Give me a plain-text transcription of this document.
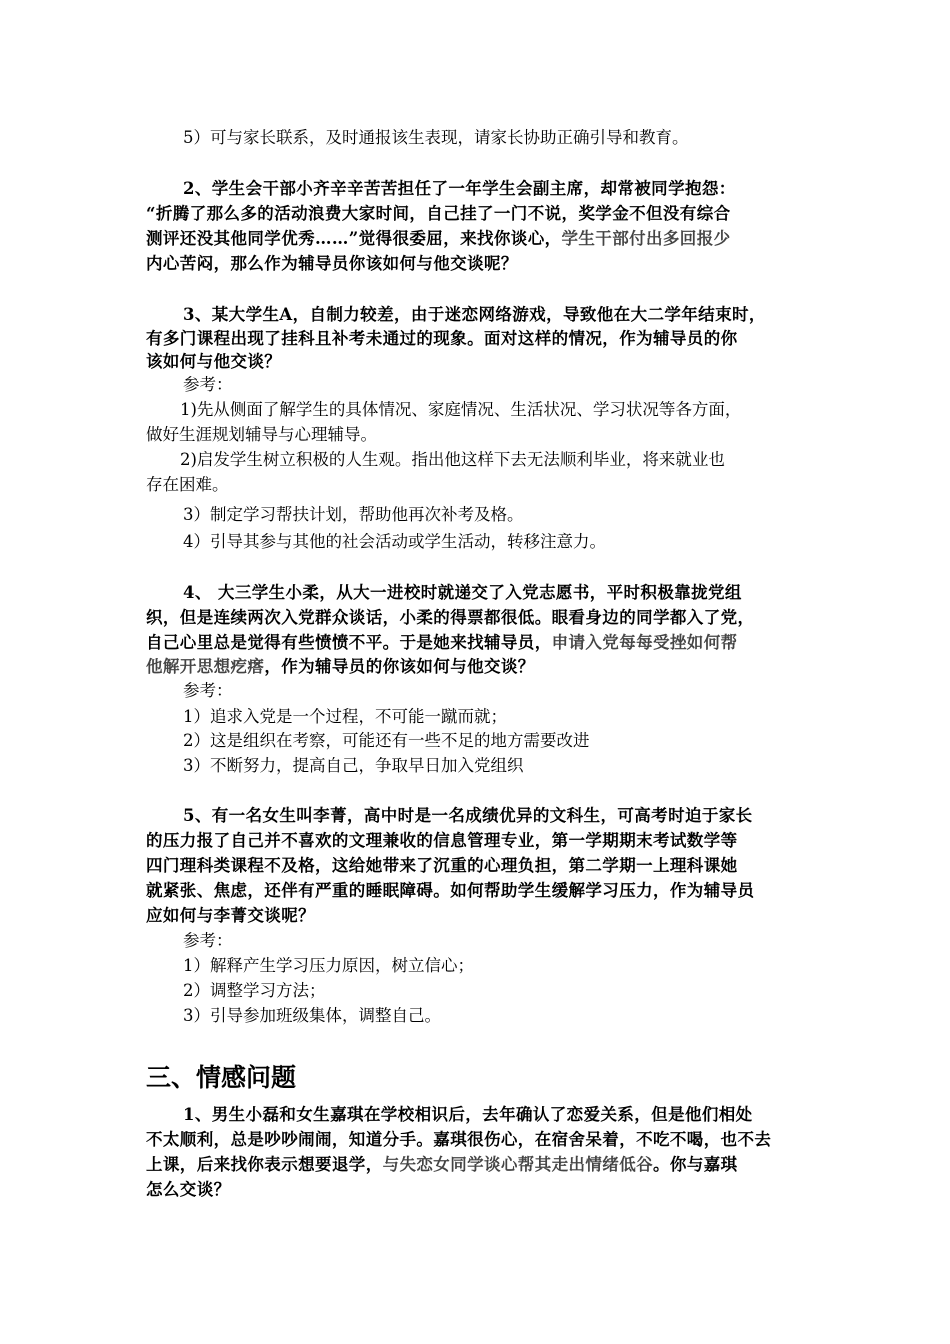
5）可与家长联系，及时通报该生表现，请家长协助正确引导和教育。
2、学生会干部小齐辛辛苦苦担任了一年学生会副主席，却常被同学抱怨：
“折腾了那么多的活动浪费大家时间，自己挂了一门不说，奖学金不但没有综合
测评还没其他同学优秀……”觉得很委屈，来找你谈心，学生干部付出多回报少
内心苦闷，那么作为辅导员你该如何与他交谈呢？
3、某大学生A，自制力较差，由于迷恋网络游戏，导致他在大二学年结束时，
有多门课程出现了挂科且补考未通过的现象。面对这样的情况，作为辅导员的你
该如何与他交谈？
参考：
1)先从侧面了解学生的具体情况、家庭情况、生活状况、学习状况等各方面，
做好生涯规划辅导与心理辅导。
2)启发学生树立积极的人生观。指出他这样下去无法顺利毕业，将来就业也
存在困难。
3）制定学习帮扶计划，帮助他再次补考及格。
4）引导其参与其他的社会活动或学生活动，转移注意力。
4、 大三学生小柔，从大一进校时就递交了入党志愿书，平时积极靠拢党组
织，但是连续两次入党群众谈话，小柔的得票都很低。眼看身边的同学都入了党，
自己心里总是觉得有些愤愤不平。于是她来找辅导员，申请入党每每受挫如何帮
他解开思想疙瘩，作为辅导员的你该如何与他交谈？
参考：
1）追求入党是一个过程，不可能一蹴而就；
2）这是组织在考察，可能还有一些不足的地方需要改进
3）不断努力，提高自己，争取早日加入党组织
5、有一名女生叫李菁，高中时是一名成绩优异的文科生，可高考时迫于家长
的压力报了自己并不喜欢的文理兼收的信息管理专业，第一学期期末考试数学等
四门理科类课程不及格，这给她带来了沉重的心理负担，第二学期一上理科课她
就紧张、焦虑，还伴有严重的睡眠障碍。如何帮助学生缓解学习压力，作为辅导员
应如何与李菁交谈呢？
参考：
1）解释产生学习压力原因，树立信心；
2）调整学习方法；
3）引导参加班级集体，调整自己。
三、情感问题
1、男生小磊和女生嘉琪在学校相识后，去年确认了恋爱关系，但是他们相处
不太顺利，总是吵吵闹闹，知道分手。嘉琪很伤心，在宿舍呆着，不吃不喝，也不去
上课，后来找你表示想要退学，与失恋女同学谈心帮其走出情绪低谷。你与嘉琪
怎么交谈？
